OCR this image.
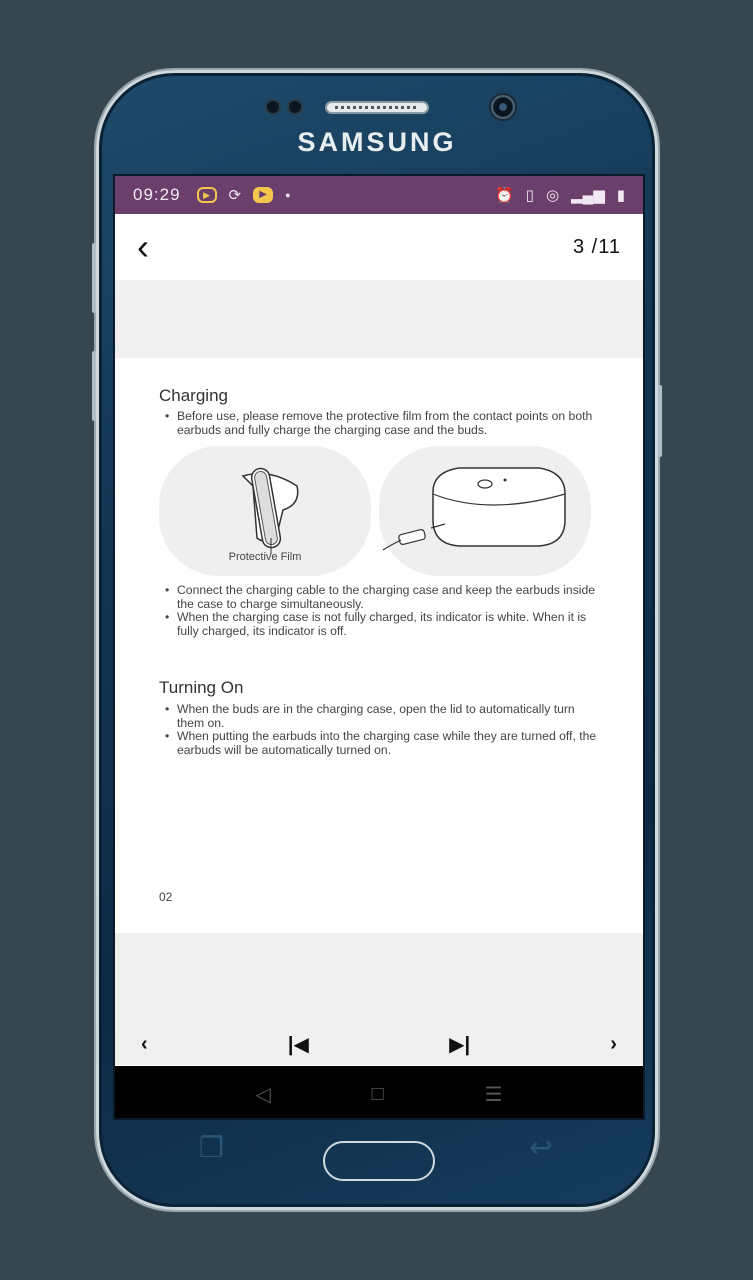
SAMSUNG
09:29	▶	⟳	▶	●	⏰ ▯ ◎ ▂▄▆ ▮
‹	3 /11
Charging
• Before use, please remove the protective film from the contact points on both earbuds and fully charge the charging case and the buds.
Protective Film
• Connect the charging cable to the charging case and keep the earbuds inside the case to charge simultaneously.
• When the charging case is not fully charged, its indicator is white. When it is fully charged, its indicator is off.
Turning On
• When the buds are in the charging case, open the lid to automatically turn them on.
• When putting the earbuds into the charging case while they are turned off, the earbuds will be automatically turned on.
02
‹	|◀	▶|	›
◁	□	☰
❐	↩
